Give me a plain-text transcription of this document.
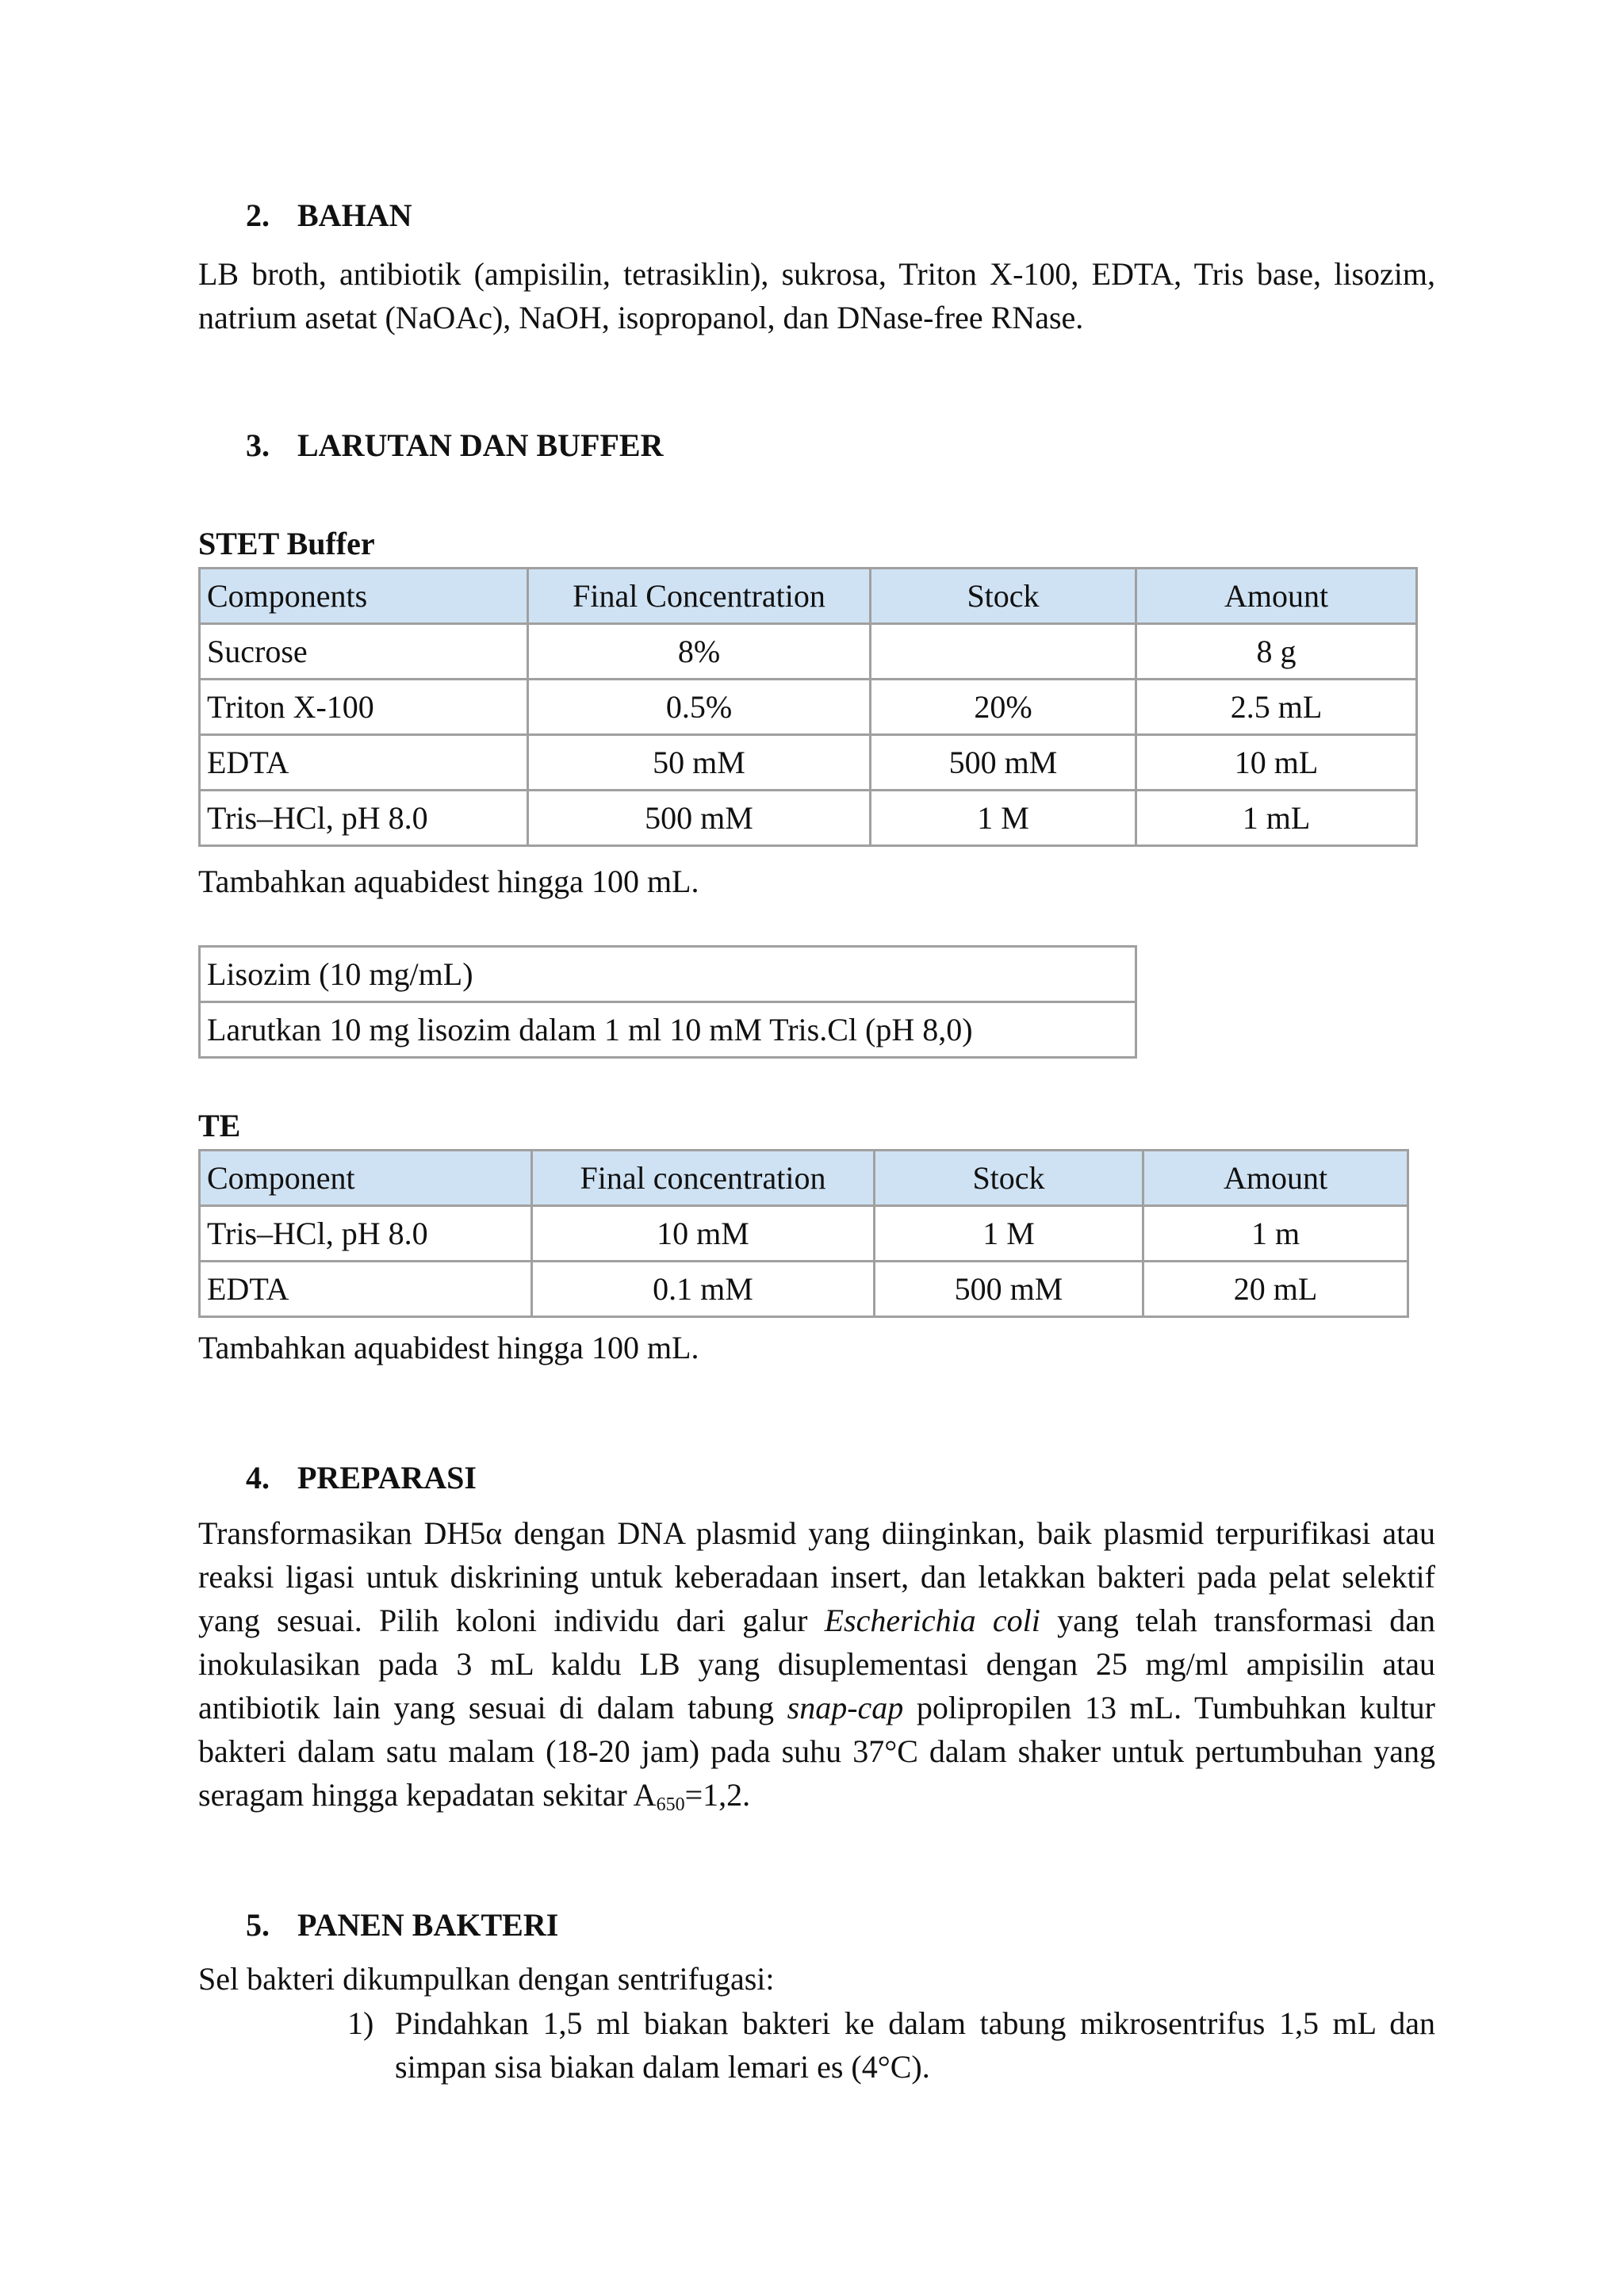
2. BAHAN

LB broth, antibiotik (ampisilin, tetrasiklin), sukrosa, Triton X-100, EDTA, Tris base, lisozim, natrium asetat (NaOAc), NaOH, isopropanol, dan DNase-free RNase.

3. LARUTAN DAN BUFFER
STET Buffer
Components	Final Concentration	Stock	Amount
Sucrose	8%		8 g
Triton X-100	0.5%	20%	2.5 mL
EDTA	50 mM	500 mM	10 mL
Tris–HCl, pH 8.0	500 mM	1 M	1 mL
Tambahkan aquabidest hingga 100 mL.
Lisozim (10 mg/mL)
Larutkan 10 mg lisozim dalam 1 ml 10 mM Tris.Cl (pH 8,0)
TE
Component	Final concentration	Stock	Amount
Tris–HCl, pH 8.0	10 mM	1 M	1 m
EDTA	0.1 mM	500 mM	20 mL
Tambahkan aquabidest hingga 100 mL.
4. PREPARASI

Transformasikan DH5α dengan DNA plasmid yang diinginkan, baik plasmid terpurifikasi atau reaksi ligasi untuk diskrining untuk keberadaan insert, dan letakkan bakteri pada pelat selektif yang sesuai. Pilih koloni individu dari galur Escherichia coli yang telah transformasi dan inokulasikan pada 3 mL kaldu LB yang disuplementasi dengan 25 mg/ml ampisilin atau antibiotik lain yang sesuai di dalam tabung snap-cap polipropilen 13 mL. Tumbuhkan kultur bakteri dalam satu malam (18-20 jam) pada suhu 37°C dalam shaker untuk pertumbuhan yang seragam hingga kepadatan sekitar $A_{650}=1,2$.

5. PANEN BAKTERI
Sel bakteri dikumpulkan dengan sentrifugasi:
1) Pindahkan 1,5 ml biakan bakteri ke dalam tabung mikrosentrifus 1,5 mL dan simpan sisa biakan dalam lemari es (4°C).
